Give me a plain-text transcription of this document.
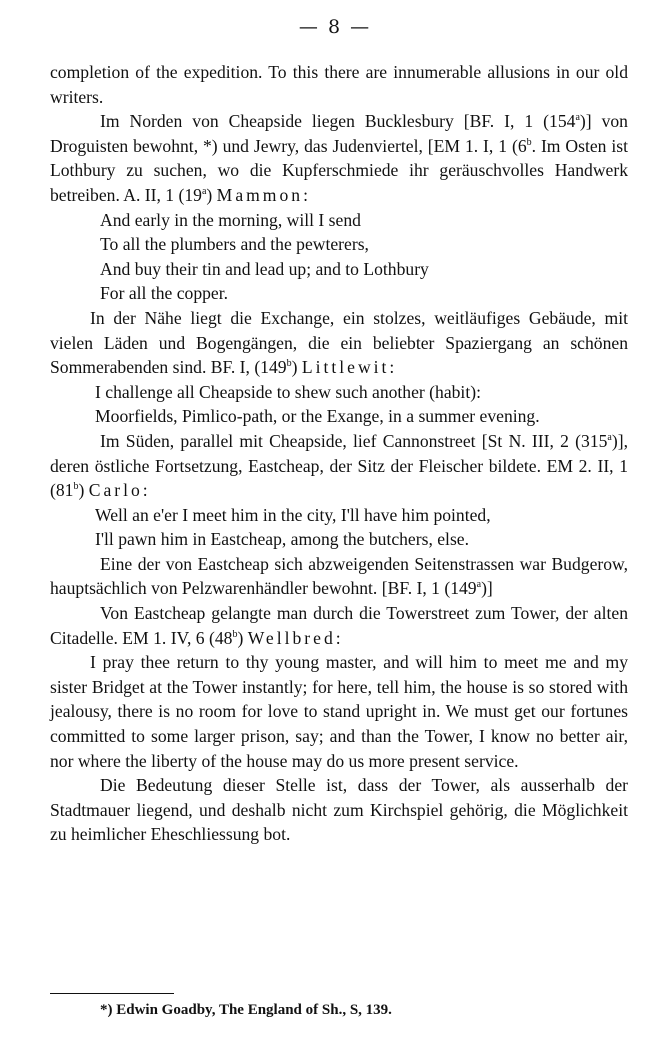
— 8 —

completion of the expedition. To this there are innumerable allusions in our old writers.

Im Norden von Cheapside liegen Bucklesbury [BF. I, 1 (154$^a$)] von Droguisten bewohnt, *) und Jewry, das Judenviertel, [EM 1. I, 1 (6$^b$. Im Osten ist Lothbury zu suchen, wo die Kupferschmiede ihr geräuschvolles Handwerk betreiben. A. II, 1 (19$^a$) Mammon:

And early in the morning, will I send

To all the plumbers and the pewterers,

And buy their tin and lead up; and to Lothbury

For all the copper.

In der Nähe liegt die Exchange, ein stolzes, weitläufiges Gebäude, mit vielen Läden und Bogengängen, die ein beliebter Spaziergang an schönen Sommerabenden sind. BF. I, (149$^b$) Littlewit:

I challenge all Cheapside to shew such another (habit):

Moorfields, Pimlico-path, or the Exange, in a summer evening.

Im Süden, parallel mit Cheapside, lief Cannonstreet [St N. III, 2 (315$^a$)], deren östliche Fortsetzung, Eastcheap, der Sitz der Fleischer bildete. EM 2. II, 1 (81$^b$) Carlo:

Well an e'er I meet him in the city, I'll have him pointed,

I'll pawn him in Eastcheap, among the butchers, else.

Eine der von Eastcheap sich abzweigenden Seitenstrassen war Budgerow, hauptsächlich von Pelzwarenhändler bewohnt. [BF. I, 1 (149$^a$)]

Von Eastcheap gelangte man durch die Towerstreet zum Tower, der alten Citadelle. EM 1. IV, 6 (48$^b$) Wellbred:

I pray thee return to thy young master, and will him to meet me and my sister Bridget at the Tower instantly; for here, tell him, the house is so stored with jealousy, there is no room for love to stand upright in. We must get our fortunes committed to some larger prison, say; and than the Tower, I know no better air, nor where the liberty of the house may do us more present service.

Die Bedeutung dieser Stelle ist, dass der Tower, als ausserhalb der Stadtmauer liegend, und deshalb nicht zum Kirchspiel gehörig, die Möglichkeit zu heimlicher Eheschliessung bot.

*) Edwin Goadby, The England of Sh., S, 139.
